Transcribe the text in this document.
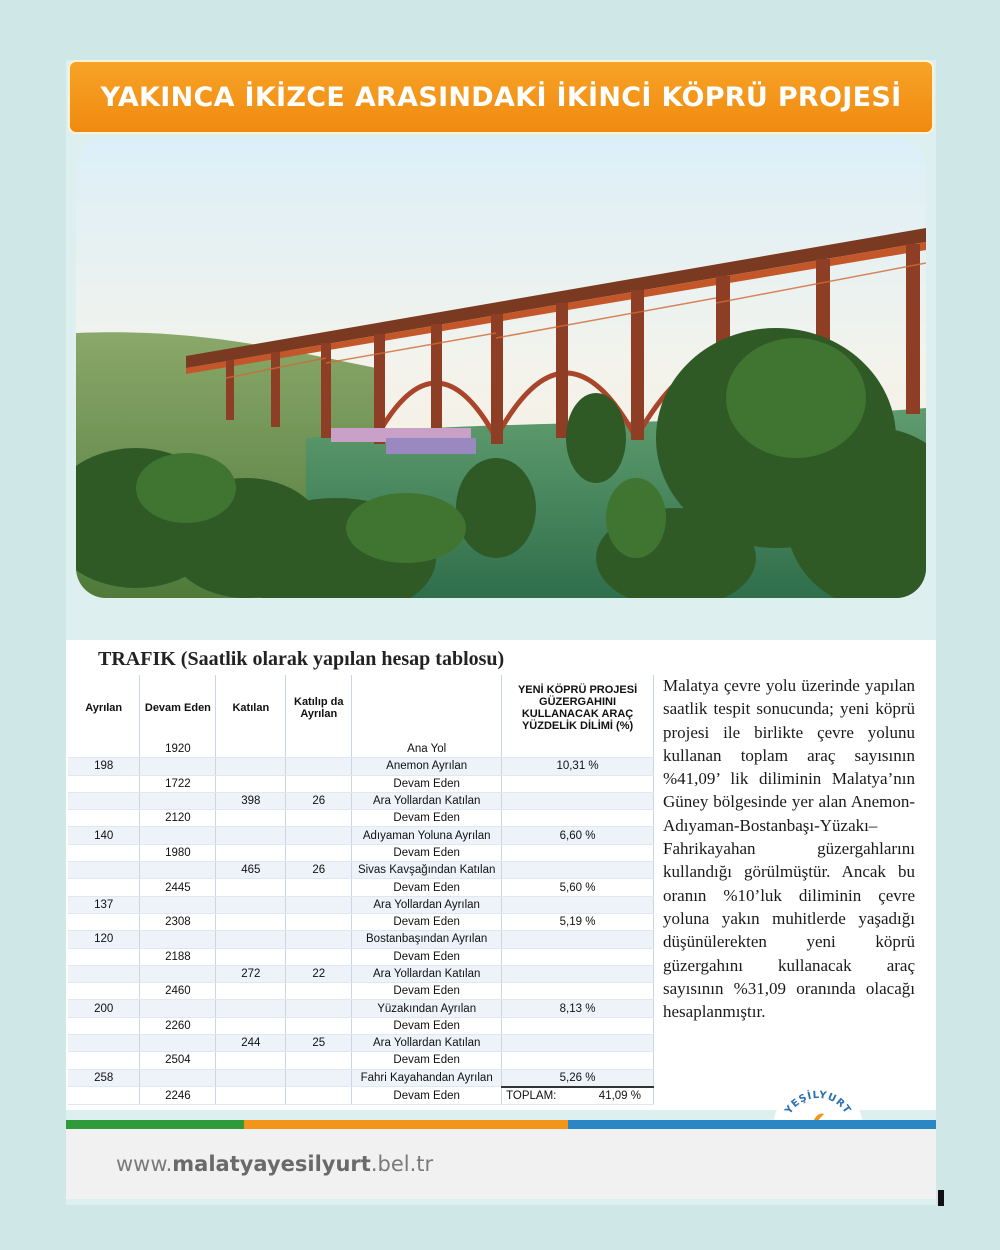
YAKINCA İKİZCE ARASINDAKİ İKİNCİ KÖPRÜ PROJESİ
TRAFIK (Saatlik olarak yapılan hesap tablosu)
Ayrılan	Devam Eden	Katılan	Katılıp da Ayrılan		YENİ KÖPRÜ PROJESİ GÜZERGAHINI KULLANACAK ARAÇ YÜZDELİK DİLİMİ (%)
	1920			Ana Yol	
198				Anemon Ayrılan	10,31 %
	1722			Devam Eden	
		398	26	Ara Yollardan Katılan	
	2120			Devam Eden	
140				Adıyaman Yoluna Ayrılan	6,60 %
	1980			Devam Eden	
		465	26	Sivas Kavşağından Katılan	
	2445			Devam Eden	5,60 %
137				Ara Yollardan Ayrılan	
	2308			Devam Eden	5,19 %
120				Bostanbaşından Ayrılan	
	2188			Devam Eden	
		272	22	Ara Yollardan Katılan	
	2460			Devam Eden	
200				Yüzakından Ayrılan	8,13 %
	2260			Devam Eden	
		244	25	Ara Yollardan Katılan	
	2504			Devam Eden	
258				Fahri Kayahandan Ayrılan	5,26 %
	2246			Devam Eden	TOPLAM: 41,09 %
Malatya çevre yolu üzerinde yapılan saatlik tespit sonucunda; yeni köprü projesi ile birlikte çevre yolunu kullanan toplam araç sayısının %41,09’ lik diliminin Malatya’nın Güney bölgesinde yer alan Anemon-Adıyaman-Bostanbaşı-Yüzakı–Fahrikayahan güzergahlarını kullandığı görülmüştür. Ancak bu oranın %10’luk diliminin çevre yoluna yakın muhitlerde yaşadığı düşünülerekten yeni köprü güzergahını kullanacak araç sayısının %31,09 oranında olacağı hesaplanmıştır.
YEŞİLYURT
www.malatyayesilyurt.bel.tr
